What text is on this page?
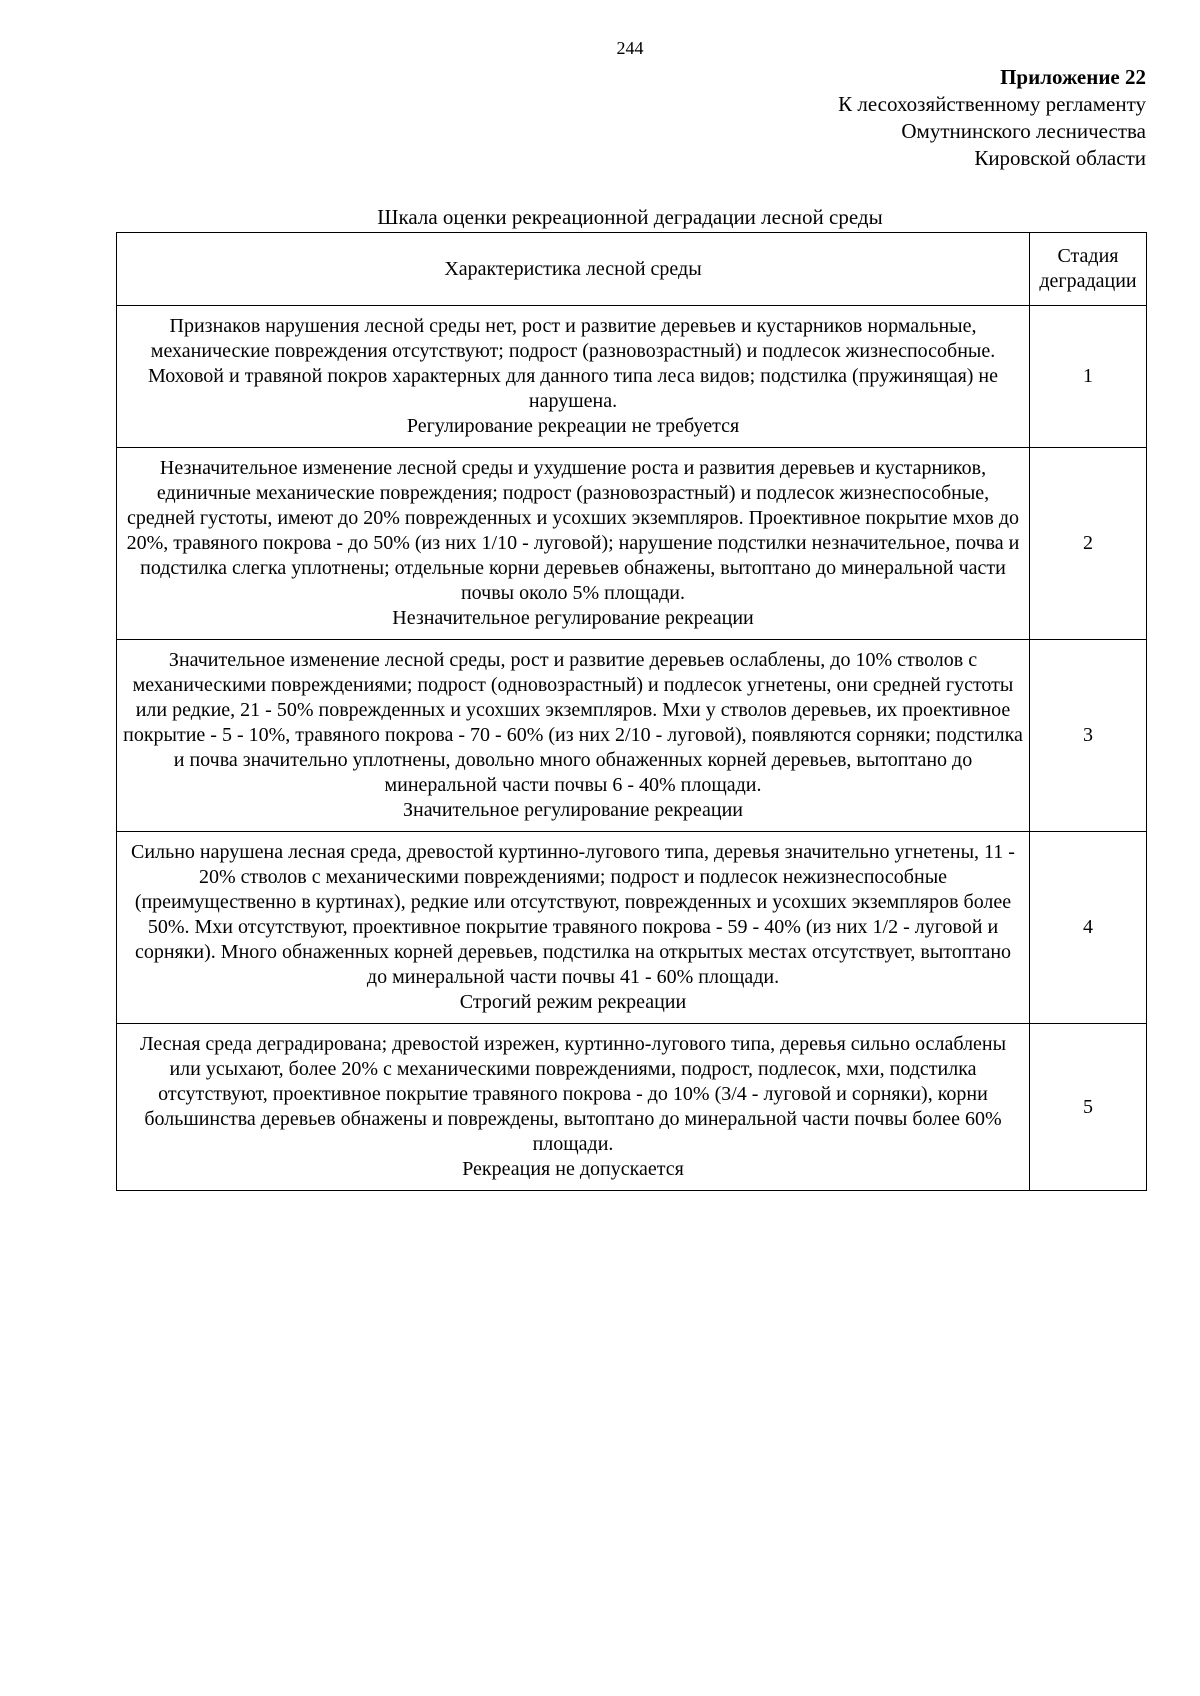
244
Приложение 22
К лесохозяйственному регламенту
Омутнинского лесничества
Кировской области
Шкала оценки рекреационной деградации лесной среды
Характеристика лесной среды	Стадия деградации

Признаков нарушения лесной среды нет, рост и развитие деревьев и кустарников нормальные, механические повреждения отсутствуют; подрост (разновозрастный) и подлесок жизнеспособные. Моховой и травяной покров характерных для данного типа леса видов; подстилка (пружинящая) не нарушена.
Регулирование рекреации не требуется	1

Незначительное изменение лесной среды и ухудшение роста и развития деревьев и кустарников, единичные механические повреждения; подрост (разновозрастный) и подлесок жизнеспособные, средней густоты, имеют до 20% поврежденных и усохших экземпляров. Проективное покрытие мхов до 20%, травяного покрова - до 50% (из них 1/10 - луговой); нарушение подстилки незначительное, почва и подстилка слегка уплотнены; отдельные корни деревьев обнажены, вытоптано до минеральной части почвы около 5% площади.
Незначительное регулирование рекреации	2

Значительное изменение лесной среды, рост и развитие деревьев ослаблены, до 10% стволов с механическими повреждениями; подрост (одновозрастный) и подлесок угнетены, они средней густоты или редкие, 21 - 50% поврежденных и усохших экземпляров. Мхи у стволов деревьев, их проективное покрытие - 5 - 10%, травяного покрова - 70 - 60% (из них 2/10 - луговой), появляются сорняки; подстилка и почва значительно уплотнены, довольно много обнаженных корней деревьев, вытоптано до минеральной части почвы 6 - 40% площади.
Значительное регулирование рекреации	3

Сильно нарушена лесная среда, древостой куртинно-лугового типа, деревья значительно угнетены, 11 - 20% стволов с механическими повреждениями; подрост и подлесок нежизнеспособные (преимущественно в куртинах), редкие или отсутствуют, поврежденных и усохших экземпляров более 50%. Мхи отсутствуют, проективное покрытие травяного покрова - 59 - 40% (из них 1/2 - луговой и сорняки). Много обнаженных корней деревьев, подстилка на открытых местах отсутствует, вытоптано до минеральной части почвы 41 - 60% площади.
Строгий режим рекреации	4

Лесная среда деградирована; древостой изрежен, куртинно-лугового типа, деревья сильно ослаблены или усыхают, более 20% с механическими повреждениями, подрост, подлесок, мхи, подстилка отсутствуют, проективное покрытие травяного покрова - до 10% (3/4 - луговой и сорняки), корни большинства деревьев обнажены и повреждены, вытоптано до минеральной части почвы более 60% площади.
Рекреация не допускается	5
